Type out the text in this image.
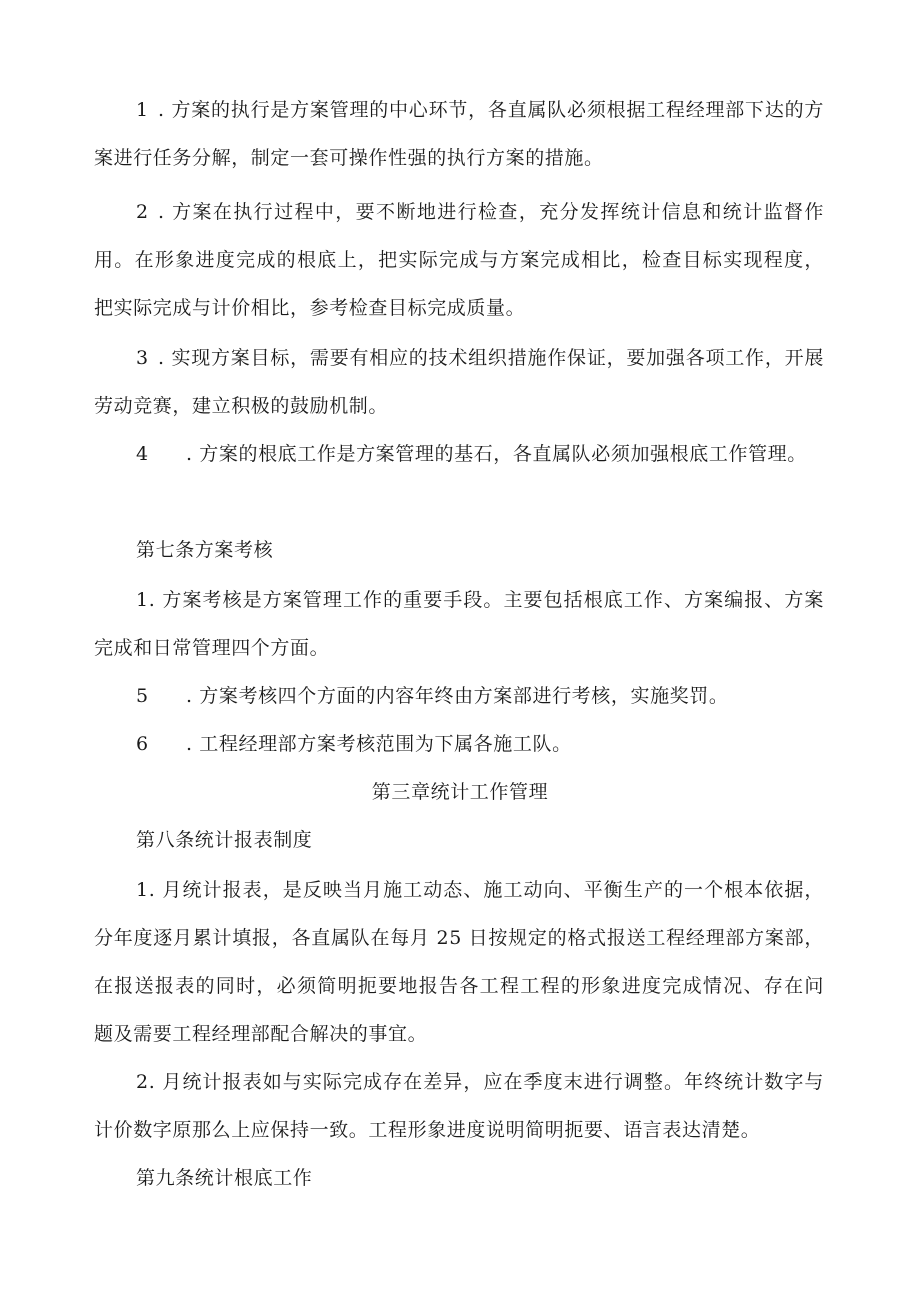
1 . 方案的执行是方案管理的中心环节，各直属队必须根据工程经理部下达的方
案进行任务分解，制定一套可操作性强的执行方案的措施。
2 . 方案在执行过程中，要不断地进行检查，充分发挥统计信息和统计监督作
用。在形象进度完成的根底上，把实际完成与方案完成相比，检查目标实现程度，
把实际完成与计价相比，参考检查目标完成质量。
3 . 实现方案目标，需要有相应的技术组织措施作保证，要加强各项工作，开展
劳动竞赛，建立积极的鼓励机制。
4 . 方案的根底工作是方案管理的基石，各直属队必须加强根底工作管理。
第七条方案考核
1. 方案考核是方案管理工作的重要手段。主要包括根底工作、方案编报、方案
完成和日常管理四个方面。
5 . 方案考核四个方面的内容年终由方案部进行考核，实施奖罚。
6 . 工程经理部方案考核范围为下属各施工队。
第三章统计工作管理
第八条统计报表制度
1. 月统计报表，是反映当月施工动态、施工动向、平衡生产的一个根本依据，
分年度逐月累计填报，各直属队在每月 25 日按规定的格式报送工程经理部方案部，
在报送报表的同时，必须简明扼要地报告各工程工程的形象进度完成情况、存在问
题及需要工程经理部配合解决的事宜。
2. 月统计报表如与实际完成存在差异，应在季度末进行调整。年终统计数字与
计价数字原那么上应保持一致。工程形象进度说明简明扼要、语言表达清楚。
第九条统计根底工作
